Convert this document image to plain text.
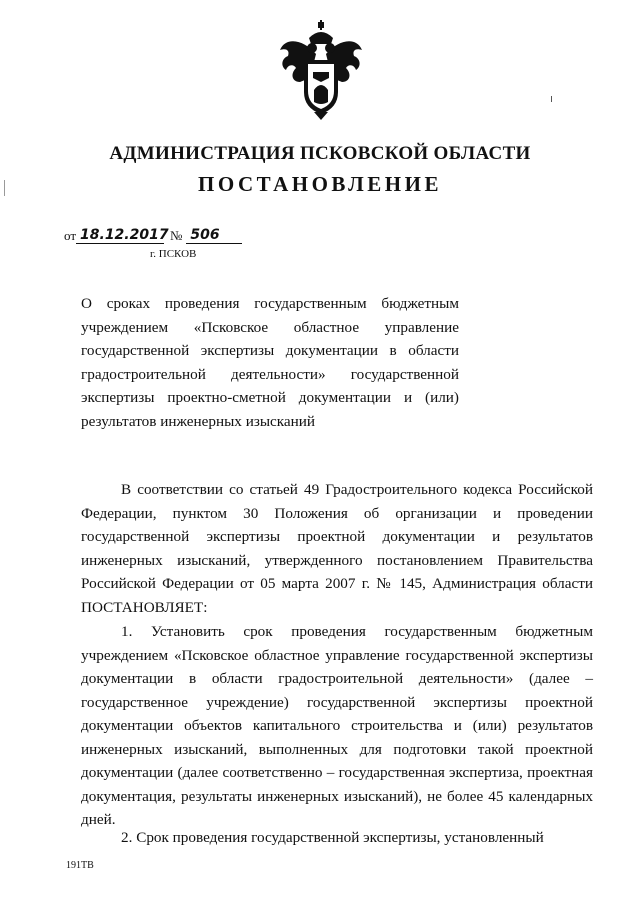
АДМИНИСТРАЦИЯ ПСКОВСКОЙ ОБЛАСТИ
ПОСТАНОВЛЕНИЕ
от 18.12.2017 № 506
г. ПСКОВ

О сроках проведения государственным бюджетным учреждением «Псковское областное управление государственной экспертизы документации в области градостроительной деятельности» государственной экспертизы проектно-сметной документации и (или) результатов инженерных изысканий

В соответствии со статьей 49 Градостроительного кодекса Российской Федерации, пунктом 30 Положения об организации и проведении государственной экспертизы проектной документации и результатов инженерных изысканий, утвержденного постановлением Правительства Российской Федерации от 05 марта 2007 г. № 145, Администрация области ПОСТАНОВЛЯЕТ:

1. Установить срок проведения государственным бюджетным учреждением «Псковское областное управление государственной экспертизы документации в области градостроительной деятельности» (далее – государственное учреждение) государственной экспертизы проектной документации объектов капитального строительства и (или) результатов инженерных изысканий, выполненных для подготовки такой проектной документации (далее соответственно – государственная экспертиза, проектная документация, результаты инженерных изысканий), не более 45 календарных дней.

2. Срок проведения государственной экспертизы, установленный

191ТВ
